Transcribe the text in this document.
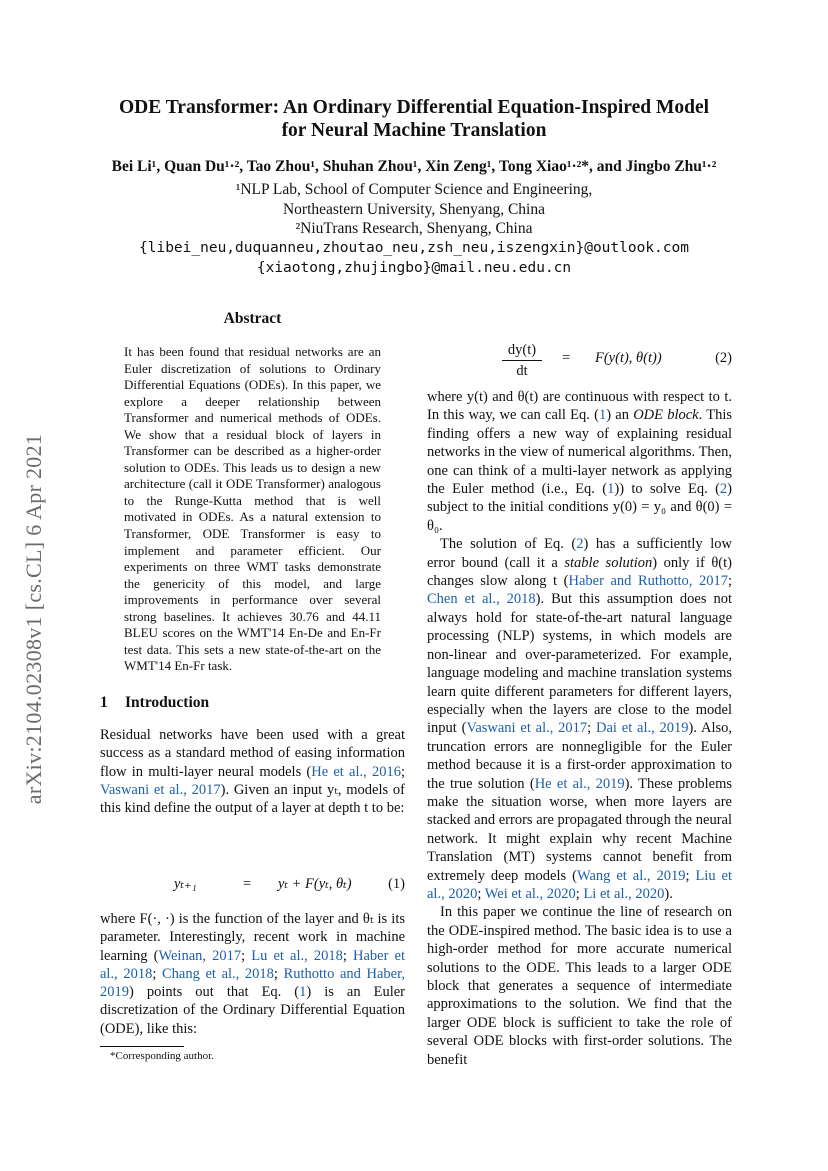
arXiv:2104.02308v1 [cs.CL] 6 Apr 2021
ODE Transformer: An Ordinary Differential Equation-Inspired Model
for Neural Machine Translation
Bei Li¹, Quan Du¹·², Tao Zhou¹, Shuhan Zhou¹, Xin Zeng¹, Tong Xiao¹·²*, and Jingbo Zhu¹·²
¹NLP Lab, School of Computer Science and Engineering,
Northeastern University, Shenyang, China
²NiuTrans Research, Shenyang, China
{libei_neu,duquanneu,zhoutao_neu,zsh_neu,iszengxin}@outlook.com
{xiaotong,zhujingbo}@mail.neu.edu.cn
Abstract
It has been found that residual networks are an Euler discretization of solutions to Ordinary Differential Equations (ODEs). In this paper, we explore a deeper relationship between Transformer and numerical methods of ODEs. We show that a residual block of layers in Transformer can be described as a higher-order solution to ODEs. This leads us to design a new architecture (call it ODE Transformer) analogous to the Runge-Kutta method that is well motivated in ODEs. As a natural extension to Transformer, ODE Transformer is easy to implement and parameter efficient. Our experiments on three WMT tasks demonstrate the genericity of this model, and large improvements in performance over several strong baselines. It achieves 30.76 and 44.11 BLEU scores on the WMT'14 En-De and En-Fr test data. This sets a new state-of-the-art on the WMT'14 En-Fr task.
1 Introduction
Residual networks have been used with a great success as a standard method of easing information flow in multi-layer neural models (He et al., 2016; Vaswani et al., 2017). Given an input yₜ, models of this kind define the output of a layer at depth t to be:
yₜ₊₁	= yₜ + F(yₜ, θₜ)	(1)
where F(·, ·) is the function of the layer and θₜ is its parameter. Interestingly, recent work in machine learning (Weinan, 2017; Lu et al., 2018; Haber et al., 2018; Chang et al., 2018; Ruthotto and Haber, 2019) points out that Eq. (1) is an Euler discretization of the Ordinary Differential Equation (ODE), like this:
*Corresponding author.
dy(t)
dt
= F(y(t), θ(t))	(2)

where y(t) and θ(t) are continuous with respect to t. In this way, we can call Eq. (1) an ODE block. This finding offers a new way of explaining residual networks in the view of numerical algorithms. Then, one can think of a multi-layer network as applying the Euler method (i.e., Eq. (1)) to solve Eq. (2) subject to the initial conditions y(0) = y₀ and θ(0) = θ₀.

The solution of Eq. (2) has a sufficiently low error bound (call it a stable solution) only if θ(t) changes slow along t (Haber and Ruthotto, 2017; Chen et al., 2018). But this assumption does not always hold for state-of-the-art natural language processing (NLP) systems, in which models are non-linear and over-parameterized. For example, language modeling and machine translation systems learn quite different parameters for different layers, especially when the layers are close to the model input (Vaswani et al., 2017; Dai et al., 2019). Also, truncation errors are nonnegligible for the Euler method because it is a first-order approximation to the true solution (He et al., 2019). These problems make the situation worse, when more layers are stacked and errors are propagated through the neural network. It might explain why recent Machine Translation (MT) systems cannot benefit from extremely deep models (Wang et al., 2019; Liu et al., 2020; Wei et al., 2020; Li et al., 2020).

In this paper we continue the line of research on the ODE-inspired method. The basic idea is to use a high-order method for more accurate numerical solutions to the ODE. This leads to a larger ODE block that generates a sequence of intermediate approximations to the solution. We find that the larger ODE block is sufficient to take the role of several ODE blocks with first-order solutions. The benefit
